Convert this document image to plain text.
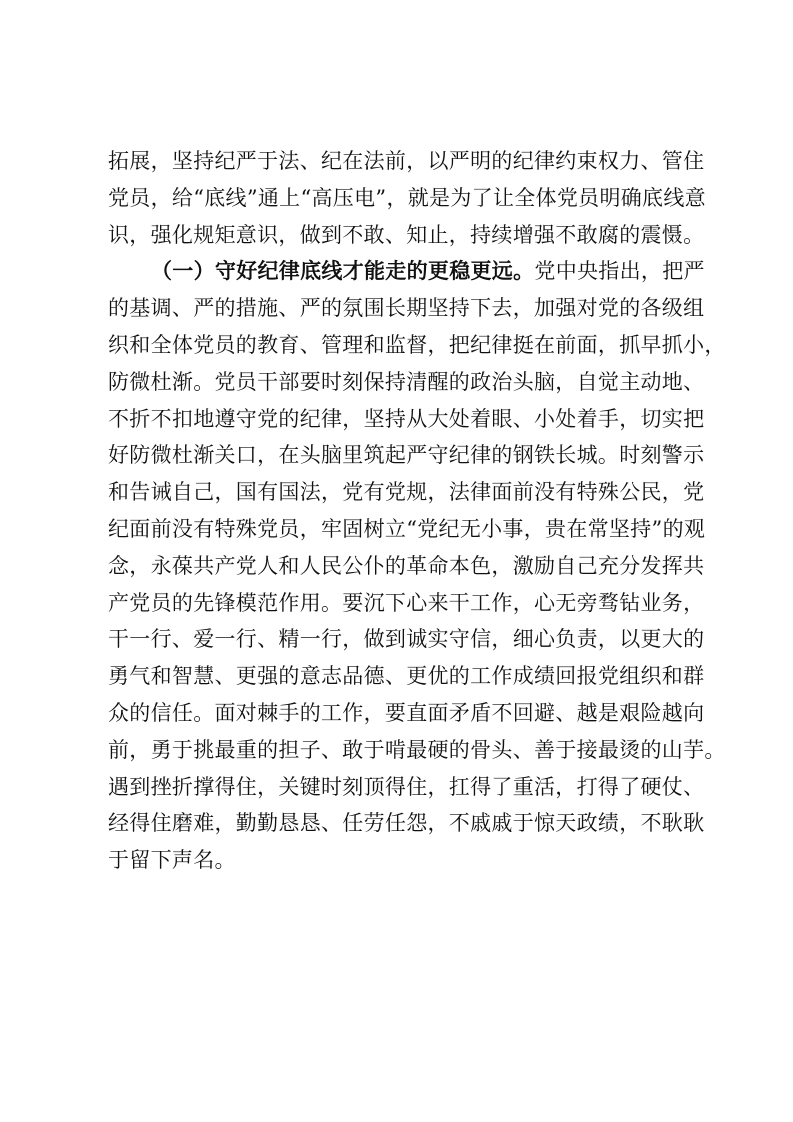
拓展，坚持纪严于法、纪在法前，以严明的纪律约束权力、管住
党员，给“底线”通上“高压电”，就是为了让全体党员明确底线意
识，强化规矩意识，做到不敢、知止，持续增强不敢腐的震慑。
（一）守好纪律底线才能走的更稳更远。党中央指出，把严
的基调、严的措施、严的氛围长期坚持下去，加强对党的各级组
织和全体党员的教育、管理和监督，把纪律挺在前面，抓早抓小，
防微杜渐。党员干部要时刻保持清醒的政治头脑，自觉主动地、
不折不扣地遵守党的纪律，坚持从大处着眼、小处着手，切实把
好防微杜渐关口，在头脑里筑起严守纪律的钢铁长城。时刻警示
和告诫自己，国有国法，党有党规，法律面前没有特殊公民，党
纪面前没有特殊党员，牢固树立“党纪无小事，贵在常坚持”的观
念，永葆共产党人和人民公仆的革命本色，激励自己充分发挥共
产党员的先锋模范作用。要沉下心来干工作，心无旁骛钻业务，
干一行、爱一行、精一行，做到诚实守信，细心负责，以更大的
勇气和智慧、更强的意志品德、更优的工作成绩回报党组织和群
众的信任。面对棘手的工作，要直面矛盾不回避、越是艰险越向
前，勇于挑最重的担子、敢于啃最硬的骨头、善于接最烫的山芋。
遇到挫折撑得住，关键时刻顶得住，扛得了重活，打得了硬仗、
经得住磨难，勤勤恳恳、任劳任怨，不戚戚于惊天政绩，不耿耿
于留下声名。
